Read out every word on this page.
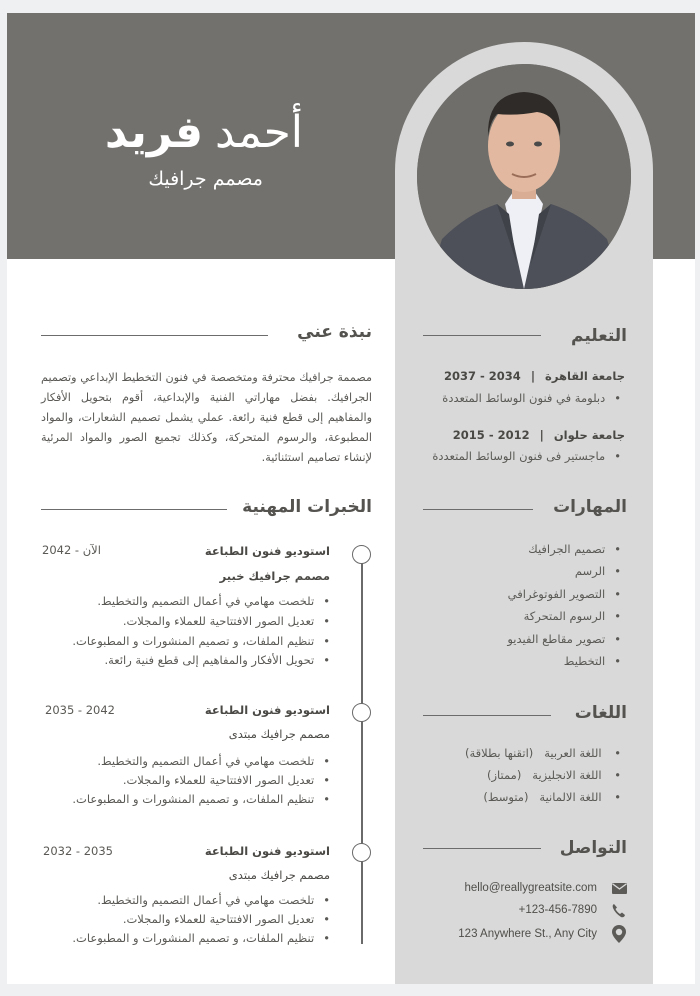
أحمدفريد
مصمم جرافيك
نبذة عني

مصممة جرافيك محترفة ومتخصصة في فنون التخطيط الإبداعي وتصميم الجرافيك. بفضل مهاراتي الفنية والإبداعية، أقوم بتحويل الأفكار والمفاهيم إلى قطع فنية رائعة. عملي يشمل تصميم الشعارات، والمواد المطبوعة، والرسوم المتحركة، وكذلك تجميع الصور والمواد المرئية لإنشاء تصاميم استثنائية.

الخبرات المهنية
استوديو فنون الطباعة
2042 - الآن
مصمم جرافيك خبير
• تلخصت مهامي في أعمال التصميم والتخطيط.
• تعديل الصور الافتتاحية للعملاء والمجلات.
• تنظيم الملفات، و تصميم المنشورات و المطبوعات.
• تحويل الأفكار والمفاهيم إلى قطع فنية رائعة.
استوديو فنون الطباعة
2035 - 2042
مصمم جرافيك مبتدى
• تلخصت مهامي في أعمال التصميم والتخطيط.
• تعديل الصور الافتتاحية للعملاء والمجلات.
• تنظيم الملفات، و تصميم المنشورات و المطبوعات.
استوديو فنون الطباعة
2032 - 2035
مصمم جرافيك مبتدى
• تلخصت مهامي في أعمال التصميم والتخطيط.
• تعديل الصور الافتتاحية للعملاء والمجلات.
• تنظيم الملفات، و تصميم المنشورات و المطبوعات.
التعليم
جامعة القاهرة | 2034 - 2037
• دبلومة في فنون الوسائط المتعددة
جامعة حلوان | 2012 - 2015
• ماجستير فى فنون الوسائط المتعددة
المهارات
• تصميم الجرافيك
• الرسم
• التصوير الفوتوغرافي
• الرسوم المتحركة
• تصوير مقاطع الفيديو
• التخطيط
اللغات
• اللغة العربية   (اتقنها بطلاقة)
• اللغة الانجليزية   (ممتاز)
• اللغة الالمانية   (متوسط)
التواصل
hello@reallygreatsite.com
+123-456-7890
123 Anywhere St., Any City
